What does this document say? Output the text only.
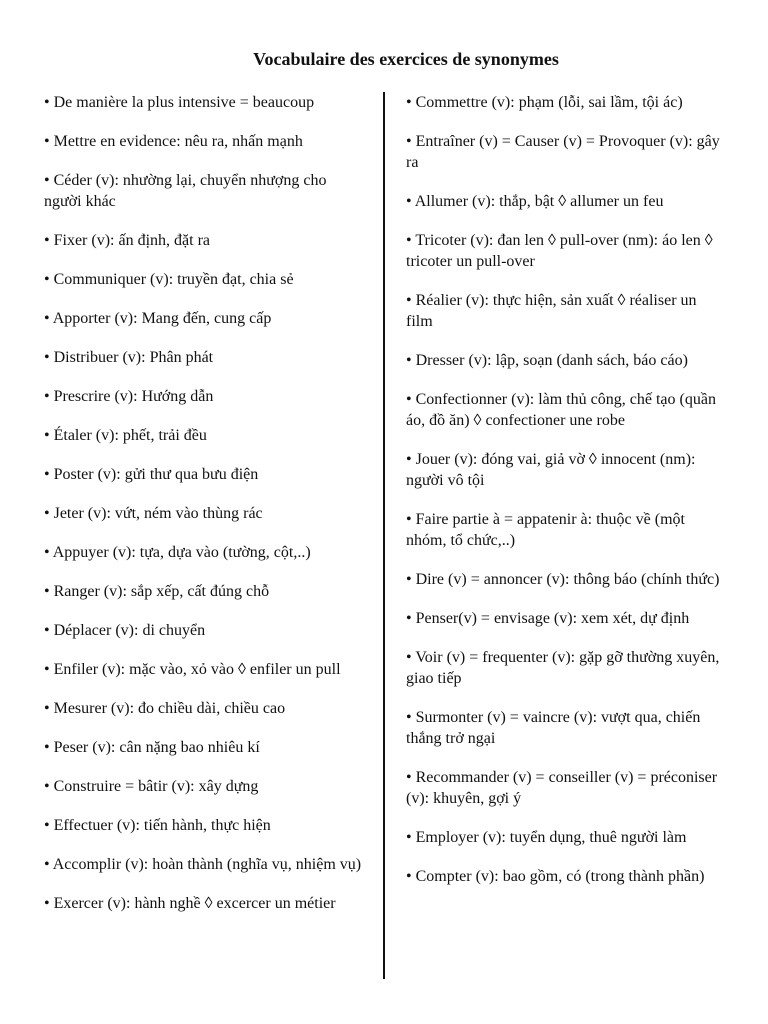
Vocabulaire des exercices de synonymes
• De manière la plus intensive = beaucoup
• Mettre en evidence: nêu ra, nhấn mạnh
• Céder (v): nhường lại, chuyển nhượng cho người khác
• Fixer (v): ấn định, đặt ra
• Communiquer (v): truyền đạt, chia sẻ
• Apporter (v): Mang đến, cung cấp
• Distribuer (v): Phân phát
• Prescrire (v): Hướng dẫn
• Étaler (v): phết, trải đều
• Poster (v): gửi thư qua bưu điện
• Jeter (v): vứt, ném vào thùng rác
• Appuyer (v): tựa, dựa vào (tường, cột,..)
• Ranger (v): sắp xếp, cất đúng chỗ
• Déplacer (v): di chuyển
• Enfiler (v): mặc vào, xỏ vào ◊ enfiler un pull
• Mesurer (v): đo chiều dài, chiều cao
• Peser (v): cân nặng bao nhiêu kí
• Construire = bâtir (v): xây dựng
• Effectuer (v): tiến hành, thực hiện
• Accomplir (v): hoàn thành (nghĩa vụ, nhiệm vụ)
• Exercer (v): hành nghề ◊ excercer un métier
• Commettre (v): phạm (lỗi, sai lầm, tội ác)
• Entraîner (v) = Causer (v) = Provoquer (v): gây ra
• Allumer (v): thắp, bật ◊ allumer un feu
• Tricoter (v): đan len ◊ pull-over (nm): áo len ◊ tricoter un pull-over
• Réalier (v): thực hiện, sản xuất ◊ réaliser un film
• Dresser (v): lập, soạn (danh sách, báo cáo)
• Confectionner (v): làm thủ công, chế tạo (quần áo, đồ ăn) ◊ confectioner une robe
• Jouer (v): đóng vai, giả vờ ◊ innocent (nm): người vô tội
• Faire partie à = appatenir à: thuộc về (một nhóm, tổ chức,..)
• Dire (v) = annoncer (v): thông báo (chính thức)
• Penser(v) = envisage (v): xem xét, dự định
• Voir (v) = frequenter (v): gặp gỡ thường xuyên, giao tiếp
• Surmonter (v) = vaincre (v): vượt qua, chiến thắng trở ngại
• Recommander (v) = conseiller (v) = préconiser (v): khuyên, gợi ý
• Employer (v): tuyển dụng, thuê người làm
• Compter (v): bao gồm, có (trong thành phần)
